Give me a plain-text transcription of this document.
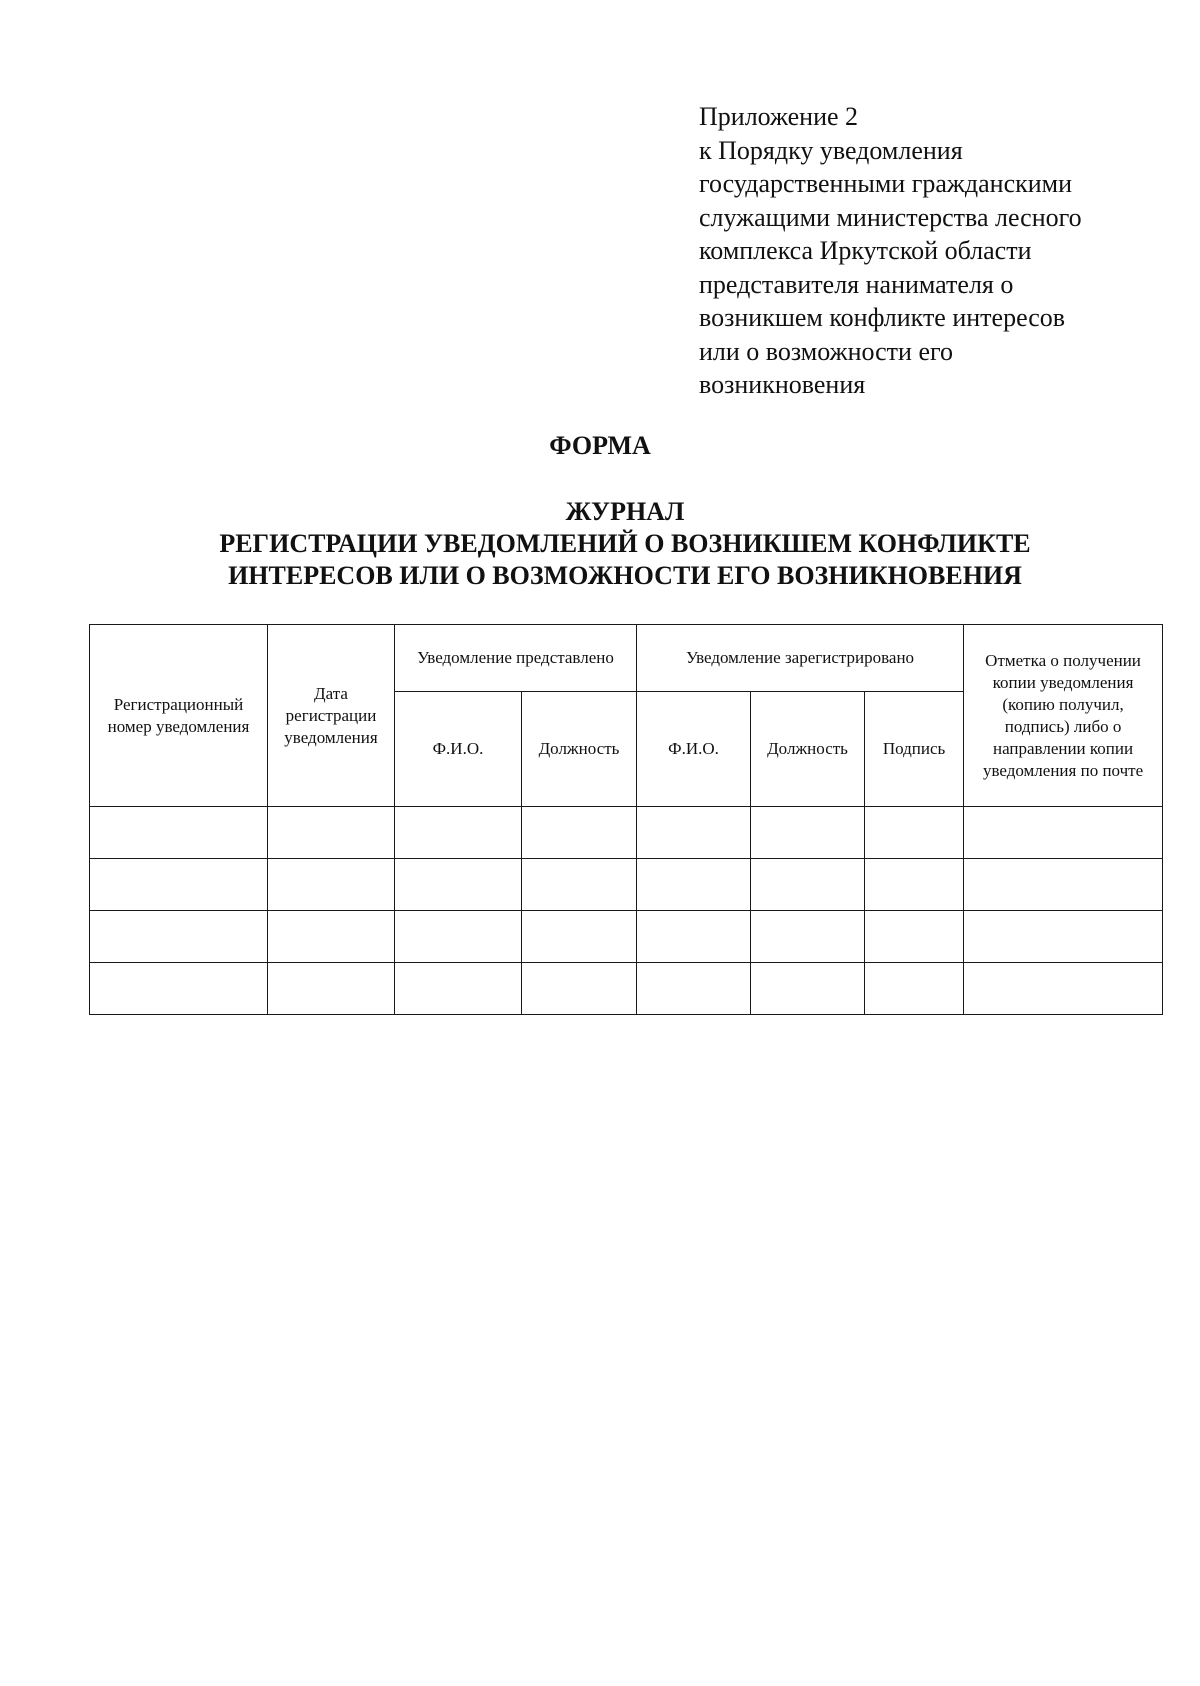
Приложение 2
к Порядку уведомления
государственными гражданскими
служащими министерства лесного
комплекса Иркутской области
представителя нанимателя о
возникшем конфликте интересов
или о возможности его
возникновения
ФОРМА
ЖУРНАЛ
РЕГИСТРАЦИИ УВЕДОМЛЕНИЙ О ВОЗНИКШЕМ КОНФЛИКТЕ
ИНТЕРЕСОВ ИЛИ О ВОЗМОЖНОСТИ ЕГО ВОЗНИКНОВЕНИЯ
Регистрационный номер уведомления	Дата регистрации уведомления	Уведомление представлено		Уведомление зарегистрировано			Отметка о получении копии уведомления (копию получил, подпись) либо о направлении копии уведомления по почте
		Ф.И.О.	Должность	Ф.И.О.	Должность	Подпись	
